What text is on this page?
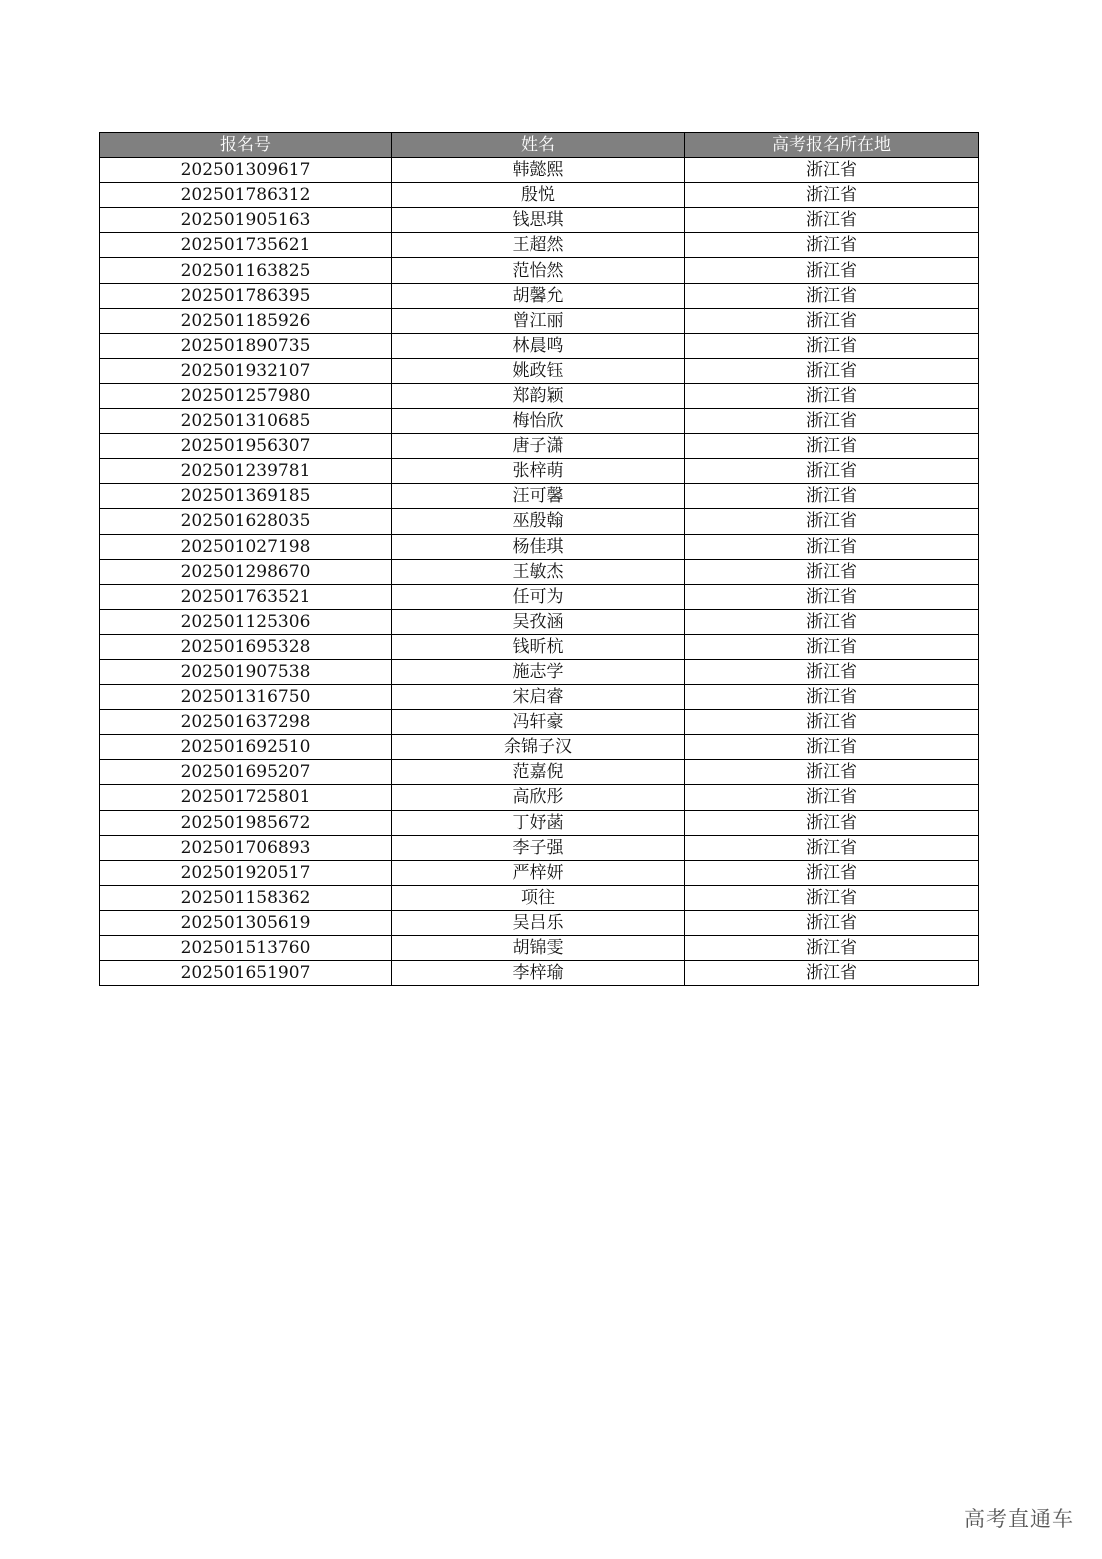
报名号	姓名	高考报名所在地
202501309617	韩懿熙	浙江省
202501786312	殷悦	浙江省
202501905163	钱思琪	浙江省
202501735621	王超然	浙江省
202501163825	范怡然	浙江省
202501786395	胡馨允	浙江省
202501185926	曾江丽	浙江省
202501890735	林晨鸣	浙江省
202501932107	姚政钰	浙江省
202501257980	郑韵颖	浙江省
202501310685	梅怡欣	浙江省
202501956307	唐子潇	浙江省
202501239781	张梓萌	浙江省
202501369185	汪可馨	浙江省
202501628035	巫殷翰	浙江省
202501027198	杨佳琪	浙江省
202501298670	王敏杰	浙江省
202501763521	任可为	浙江省
202501125306	吴孜涵	浙江省
202501695328	钱昕杭	浙江省
202501907538	施志学	浙江省
202501316750	宋启睿	浙江省
202501637298	冯轩豪	浙江省
202501692510	余锦子汉	浙江省
202501695207	范嘉倪	浙江省
202501725801	高欣彤	浙江省
202501985672	丁妤菡	浙江省
202501706893	李子强	浙江省
202501920517	严梓妍	浙江省
202501158362	项往	浙江省
202501305619	吴吕乐	浙江省
202501513760	胡锦雯	浙江省
202501651907	李梓瑜	浙江省
高考直通车
